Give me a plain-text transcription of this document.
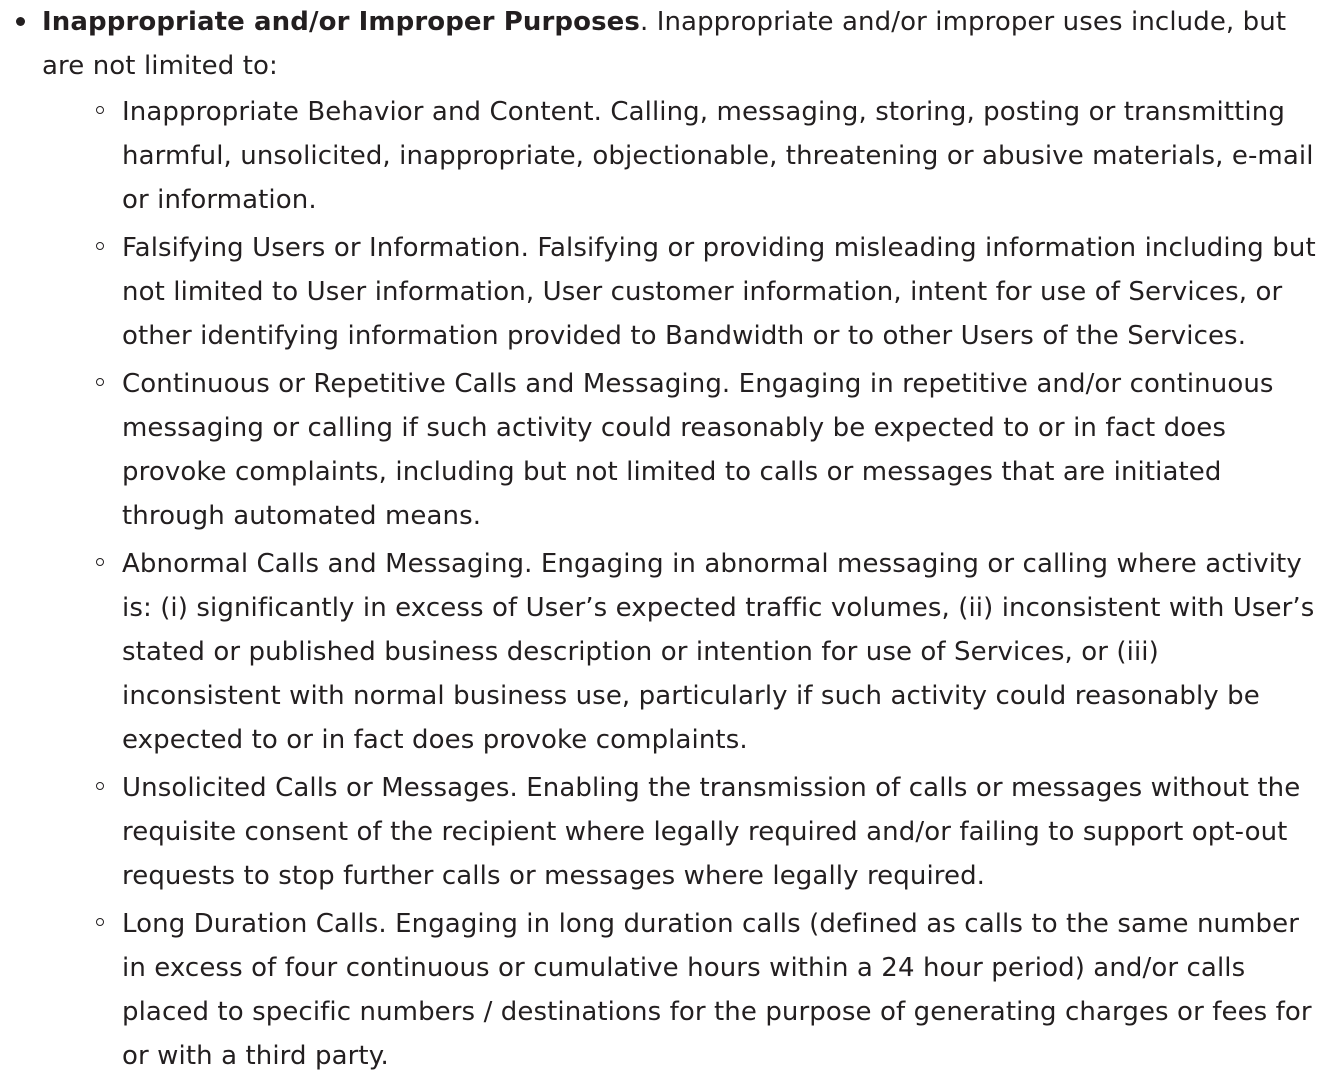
Inappropriate and/or Improper Purposes. Inappropriate and/or improper uses include, but are not limited to:
Inappropriate Behavior and Content. Calling, messaging, storing, posting or transmitting harmful, unsolicited, inappropriate, objectionable, threatening or abusive materials, e-mail or information.
Falsifying Users or Information. Falsifying or providing misleading information including but not limited to User information, User customer information, intent for use of Services, or other identifying information provided to Bandwidth or to other Users of the Services.
Continuous or Repetitive Calls and Messaging. Engaging in repetitive and/or continuous messaging or calling if such activity could reasonably be expected to or in fact does provoke complaints, including but not limited to calls or messages that are initiated through automated means.
Abnormal Calls and Messaging. Engaging in abnormal messaging or calling where activity is: (i) significantly in excess of User’s expected traffic volumes, (ii) inconsistent with User’s stated or published business description or intention for use of Services, or (iii) inconsistent with normal business use, particularly if such activity could reasonably be expected to or in fact does provoke complaints.
Unsolicited Calls or Messages. Enabling the transmission of calls or messages without the requisite consent of the recipient where legally required and/or failing to support opt-out requests to stop further calls or messages where legally required.
Long Duration Calls. Engaging in long duration calls (defined as calls to the same number in excess of four continuous or cumulative hours within a 24 hour period) and/or calls placed to specific numbers / destinations for the purpose of generating charges or fees for or with a third party.
